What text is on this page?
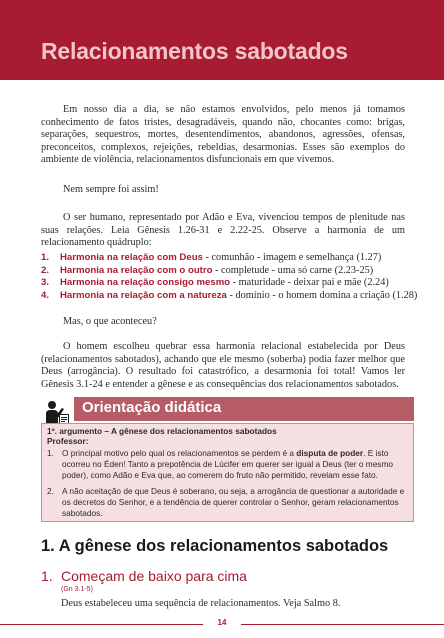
Relacionamentos sabotados

Em nosso dia a dia, se não estamos envolvidos, pelo menos já tomamos conhecimento de fatos tristes, desagradáveis, quando não, chocantes como: brigas, separações, sequestros, mortes, desentendimentos, abandonos, agressões, ofensas, preconceitos, complexos, rejeições, rebeldias, desarmonias. Esses são exemplos do ambiente de violência, relacionamentos disfuncionais em que vivemos.

Nem sempre foi assim!

O ser humano, representado por Adão e Eva, vivenciou tempos de plenitude nas suas relações. Leia Gênesis 1.26-31 e 2.22-25. Observe a harmonia de um relacionamento quádruplo:

1. Harmonia na relação com Deus - comunhão - imagem e semelhança (1.27)
2. Harmonia na relação com o outro - completude - uma só carne (2.23-25)
3. Harmonia na relação consigo mesmo - maturidade - deixar pai e mãe (2.24)
4. Harmonia na relação com a natureza - domínio - o homem domina a criação (1.28)

Mas, o que aconteceu?

O homem escolheu quebrar essa harmonia relacional estabelecida por Deus (relacionamentos sabotados), achando que ele mesmo (soberba) podia fazer melhor que Deus (arrogância). O resultado foi catastrófico, a desarmonia foi total! Vamos ler Gênesis 3.1-24 e entender a gênese e as consequências dos relacionamentos sabotados.

Orientação didática
1º. argumento – A gênese dos relacionamentos sabotados
Professor:
1. O principal motivo pelo qual os relacionamentos se perdem é a disputa de poder. E isto ocorreu no Éden! Tanto a prepotência de Lúcifer em querer ser igual a Deus (ter o mesmo poder), como Adão e Eva que, ao comerem do fruto não permitido, revelam esse fato.
2. A não aceitação de que Deus é soberano, ou seja, a arrogância de questionar a autoridade e os decretos do Senhor, e a tendência de querer controlar o Senhor, geram relacionamentos sabotados.
1. A gênese dos relacionamentos sabotados
1. Começam de baixo para cima
(Gn 3.1-5)
Deus estabeleceu uma sequência de relacionamentos. Veja Salmo 8.
14
